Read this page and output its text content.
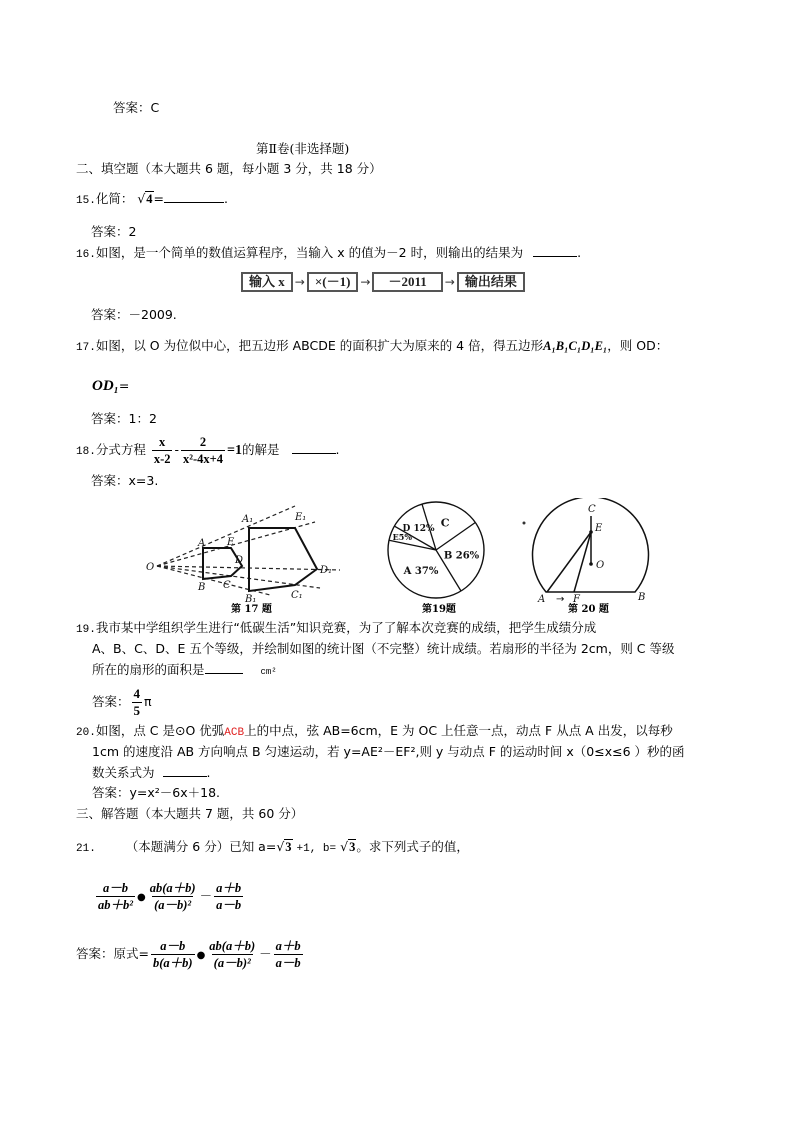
答案：C
第Ⅱ卷(非选择题)
二、填空题（本大题共 6 题，每小题 3 分，共 18 分）
15.化简： √4=	.
答案：2
16.如图，是一个简单的数值运算程序，当输入 x 的值为－2 时，则输出的结果为	.
输入 x → ×(－1) →	－2011	→ 输出结果
答案：－2009.
17.如图，以 O 为位似中心，把五边形 ABCDE 的面积扩大为原来的 4 倍，得五边形A₁B₁C₁D₁E₁，则 OD：
OD₁=
答案：1：2
18.分式方程 $\frac{x}{x-2} - \frac{2}{\text{x²-4x+4}} =1$的解是	.
答案：x=3.
O
A
B C
D
E
A₁
B₁	C₁
D₁
E₁
第 17 题
B 26%
A 37%
E5%
D 12% C
第19题
C
E
O
A	F	B
→
第 20 题
19.我市某中学组织学生进行“低碳生活”知识竞赛，为了了解本次竞赛的成绩，把学生成绩分成
A、B、C、D、E 五个等级，并绘制如图的统计图（不完整）统计成绩。若扇形的半径为 2cm，则 C 等级
所在的扇形的面积是	cm²
答案： $\frac{4}{5}$ π
20.如图，点 C 是⊙O 优弧ACB上的中点，弦 AB=6cm，E 为 OC 上任意一点，动点 F 从点 A 出发，以每秒
1cm 的速度沿 AB 方向响点 B 匀速运动，若 y=AE²－EF²,则 y 与动点 F 的运动时间 x（0≤x≤6 ）秒的函
数关系式为	.
答案：y=x²－6x＋18.
三、解答题（本大题共 7 题，共 60 分）
21. （本题满分 6 分）已知 a=√3 +1, b= √3。求下列式子的值，
$\frac{a-b}{\text{ab＋b²}}$ ● $\frac{ab(a+b)}{\text{(a－b)²}} - \frac{a+b}{a-b}$
答案：原式= $\frac{a-b}{b(a+b)}$ ● $\frac{ab(a+b)}{\text{(a－b)²}} - \frac{a+b}{a-b}$
